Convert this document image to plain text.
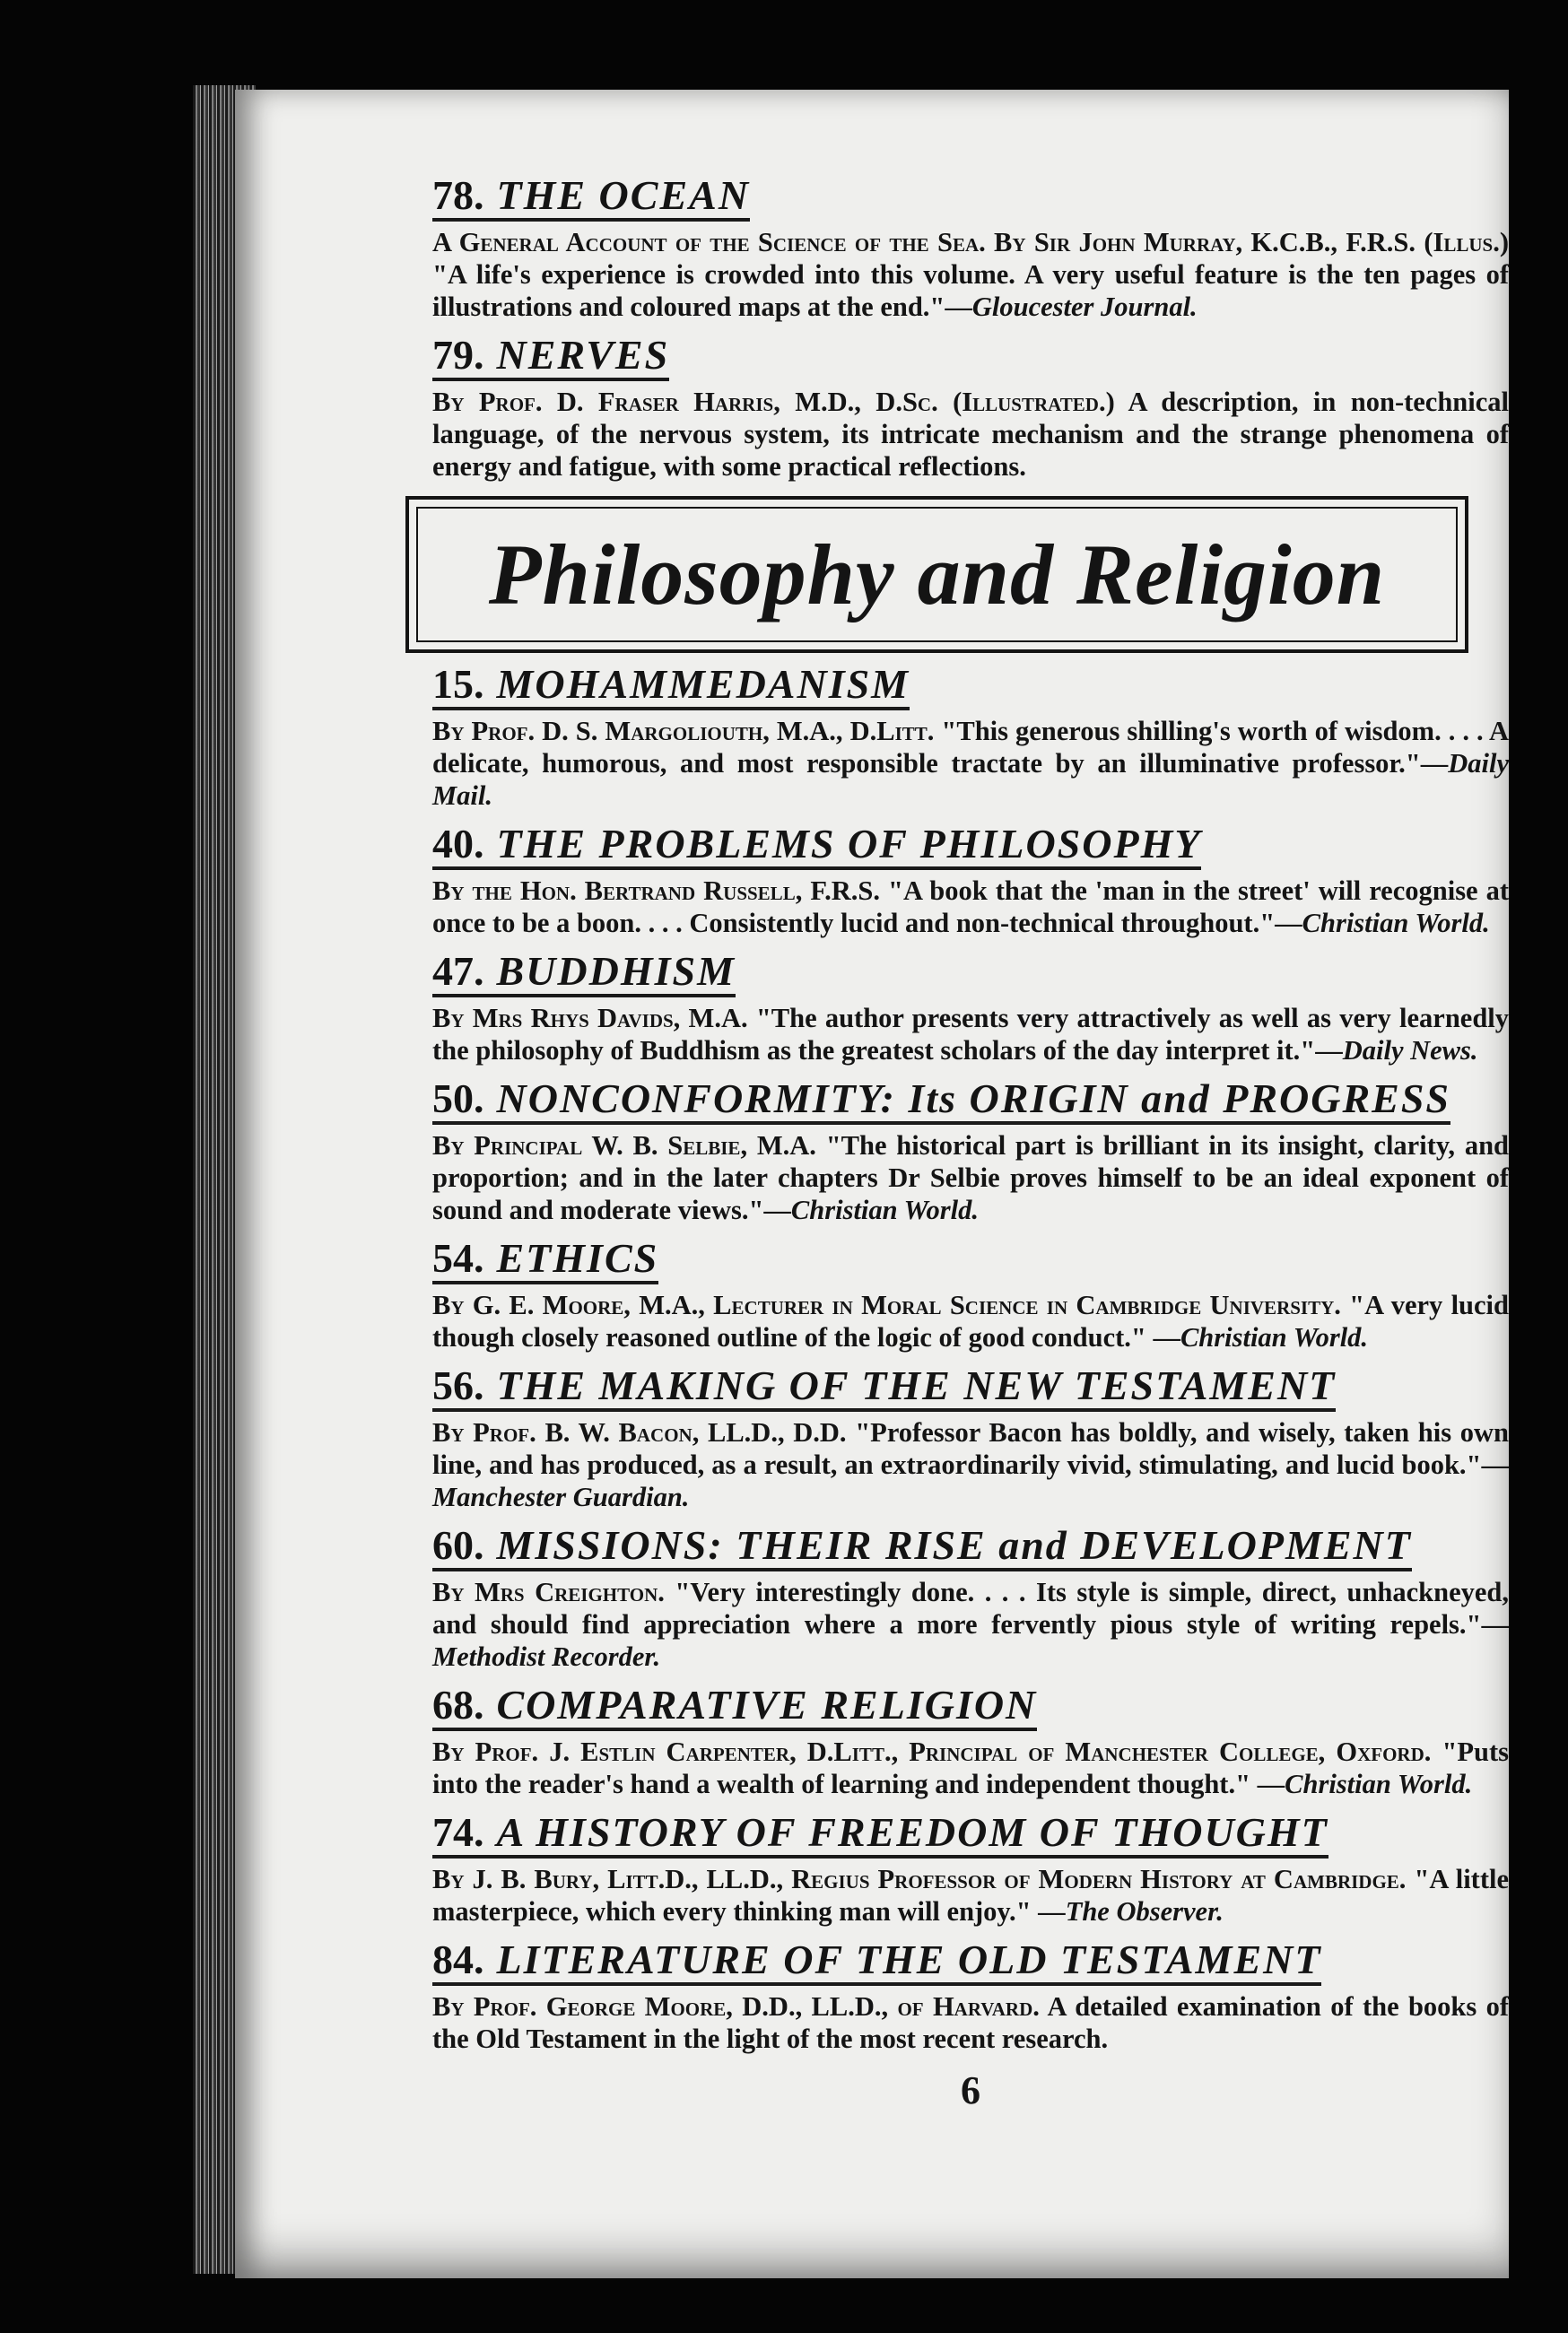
78. THE OCEAN
A General Account of the Science of the Sea. By Sir John Murray, K.C.B., F.R.S. (Illus.) "A life's experience is crowded into this volume. A very useful feature is the ten pages of illustrations and coloured maps at the end."—Gloucester Journal.
79. NERVES
By Prof. D. Fraser Harris, M.D., D.Sc. (Illustrated.) A description, in non-technical language, of the nervous system, its intricate mechanism and the strange phenomena of energy and fatigue, with some practical reflections.
Philosophy and Religion
15. MOHAMMEDANISM
By Prof. D. S. Margoliouth, M.A., D.Litt. "This generous shilling's worth of wisdom. . . . A delicate, humorous, and most responsible tractate by an illuminative professor."—Daily Mail.
40. THE PROBLEMS OF PHILOSOPHY
By the Hon. Bertrand Russell, F.R.S. "A book that the 'man in the street' will recognise at once to be a boon. . . . Consistently lucid and non-technical throughout."—Christian World.
47. BUDDHISM
By Mrs Rhys Davids, M.A. "The author presents very attractively as well as very learnedly the philosophy of Buddhism as the greatest scholars of the day interpret it."—Daily News.
50. NONCONFORMITY: Its ORIGIN and PROGRESS
By Principal W. B. Selbie, M.A. "The historical part is brilliant in its insight, clarity, and proportion; and in the later chapters Dr Selbie proves himself to be an ideal exponent of sound and moderate views."—Christian World.
54. ETHICS
By G. E. Moore, M.A., Lecturer in Moral Science in Cambridge University. "A very lucid though closely reasoned outline of the logic of good conduct." —Christian World.
56. THE MAKING OF THE NEW TESTAMENT
By Prof. B. W. Bacon, LL.D., D.D. "Professor Bacon has boldly, and wisely, taken his own line, and has produced, as a result, an extraordinarily vivid, stimulating, and lucid book."—Manchester Guardian.
60. MISSIONS: THEIR RISE and DEVELOPMENT
By Mrs Creighton. "Very interestingly done. . . . Its style is simple, direct, unhackneyed, and should find appreciation where a more fervently pious style of writing repels."—Methodist Recorder.
68. COMPARATIVE RELIGION
By Prof. J. Estlin Carpenter, D.Litt., Principal of Manchester College, Oxford. "Puts into the reader's hand a wealth of learning and independent thought." —Christian World.
74. A HISTORY OF FREEDOM OF THOUGHT
By J. B. Bury, Litt.D., LL.D., Regius Professor of Modern History at Cambridge. "A little masterpiece, which every thinking man will enjoy." —The Observer.
84. LITERATURE OF THE OLD TESTAMENT
By Prof. George Moore, D.D., LL.D., of Harvard. A detailed examination of the books of the Old Testament in the light of the most recent research.
6
